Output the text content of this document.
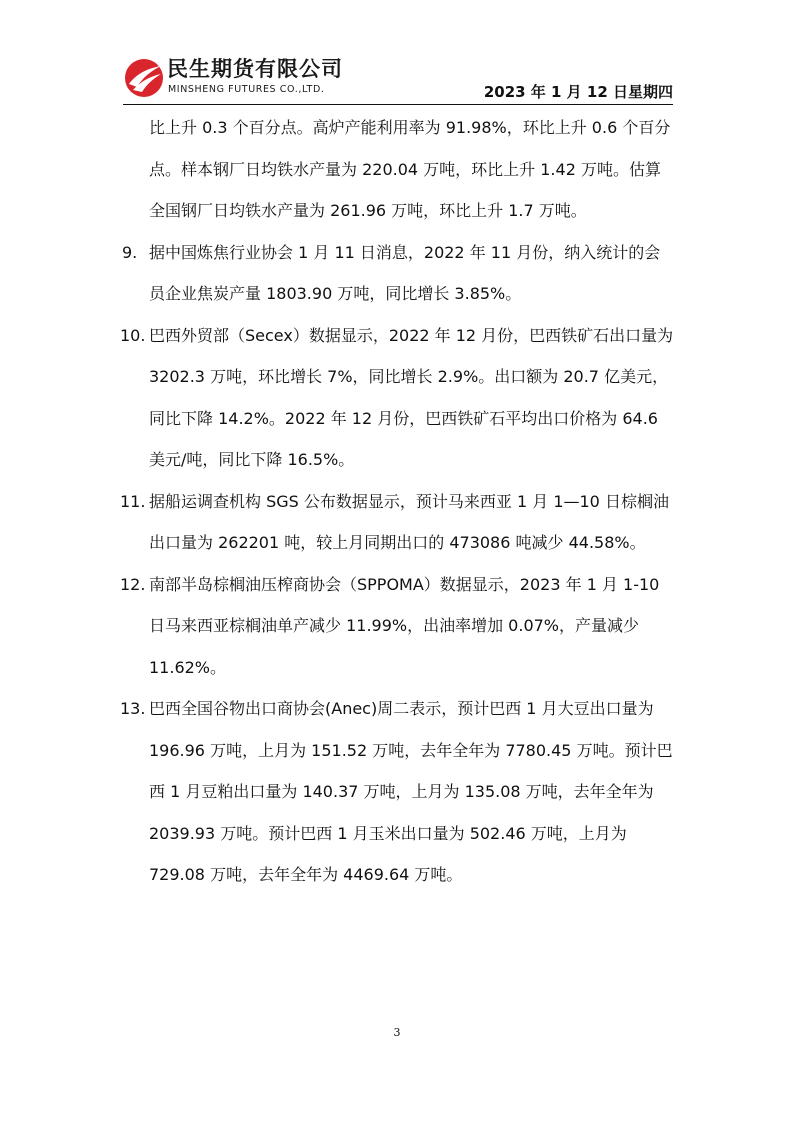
民生期货有限公司
MINSHENG FUTURES CO.,LTD.	2023 年 1 月 12 日星期四

比上升 0.3 个百分点。高炉产能利用率为 91.98%，环比上升 0.6 个百分点。样本钢厂日均铁水产量为 220.04 万吨，环比上升 1.42 万吨。估算全国钢厂日均铁水产量为 261.96 万吨，环比上升 1.7 万吨。

9. 据中国炼焦行业协会 1 月 11 日消息，2022 年 11 月份，纳入统计的会员企业焦炭产量 1803.90 万吨，同比增长 3.85%。
10. 巴西外贸部（Secex）数据显示，2022 年 12 月份，巴西铁矿石出口量为 3202.3 万吨，环比增长 7%，同比增长 2.9%。出口额为 20.7 亿美元，同比下降 14.2%。2022 年 12 月份，巴西铁矿石平均出口价格为 64.6 美元/吨，同比下降 16.5%。
11. 据船运调查机构 SGS 公布数据显示，预计马来西亚 1 月 1—10 日棕榈油出口量为 262201 吨，较上月同期出口的 473086 吨减少 44.58%。
12. 南部半岛棕榈油压榨商协会（SPPOMA）数据显示，2023 年 1 月 1-10 日马来西亚棕榈油单产减少 11.99%，出油率增加 0.07%，产量减少 11.62%。
13. 巴西全国谷物出口商协会(Anec)周二表示，预计巴西 1 月大豆出口量为 196.96 万吨，上月为 151.52 万吨，去年全年为 7780.45 万吨。预计巴西 1 月豆粕出口量为 140.37 万吨，上月为 135.08 万吨，去年全年为 2039.93 万吨。预计巴西 1 月玉米出口量为 502.46 万吨，上月为 729.08 万吨，去年全年为 4469.64 万吨。
3
